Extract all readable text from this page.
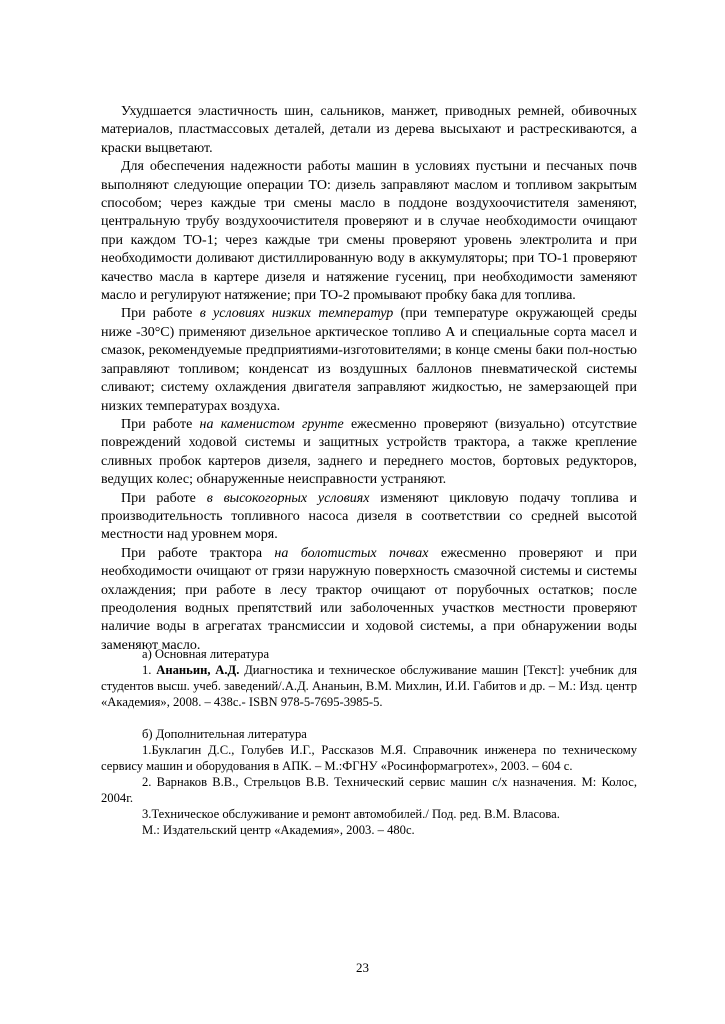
Ухудшается эластичность шин, сальников, манжет, приводных ремней, обивочных материалов, пластмассовых деталей, детали из дерева высыхают и растрескиваются, а краски выцветают.

Для обеспечения надежности работы машин в условиях пустыни и песчаных почв выполняют следующие операции ТО: дизель заправляют маслом и топливом закрытым способом; через каждые три смены масло в поддоне воздухоочистителя заменяют, центральную трубу воздухоочистителя проверяют и в случае необходимости очищают при каждом ТО-1; через каждые три смены проверяют уровень электролита и при необходимости доливают дистиллированную воду в аккумуляторы; при ТО-1 проверяют качество масла в картере дизеля и натяжение гусениц, при необходимости заменяют масло и регулируют натяжение; при ТО-2 промывают пробку бака для топлива.

При работе в условиях низких температур (при температуре окружающей среды ниже -30°С) применяют дизельное арктическое топливо А и специальные сорта масел и смазок, рекомендуемые предприятиями-изготовителями; в конце смены баки пол-ностью заправляют топливом; конденсат из воздушных баллонов пневматической системы сливают; систему охлаждения двигателя заправляют жидкостью, не замерзающей при низких температурах воздуха.

При работе на каменистом грунте ежесменно проверяют (визуально) отсутствие повреждений ходовой системы и защитных устройств трактора, а также крепление сливных пробок картеров дизеля, заднего и переднего мостов, бортовых редукторов, ведущих колес; обнаруженные неисправности устраняют.

При работе в высокогорных условиях изменяют цикловую подачу топлива и производительность топливного насоса дизеля в соответствии со средней высотой местности над уровнем моря.

При работе трактора на болотистых почвах ежесменно проверяют и при необходимости очищают от грязи наружную поверхность смазочной системы и системы охлаждения; при работе в лесу трактор очищают от порубочных остатков; после преодоления водных препятствий или заболоченных участков местности проверяют наличие воды в агрегатах трансмиссии и ходовой системы, а при обнаружении воды заменяют масло.

а) Основная литература

1. Ананьин, А.Д. Диагностика и техническое обслуживание машин [Текст]: учебник для студентов высш. учеб. заведений/.А.Д. Ананьин, В.М. Михлин, И.И. Габитов и др. – М.: Изд. центр «Академия», 2008. – 438с.- ISBN 978-5-7695-3985-5.

б) Дополнительная литература

1.Буклагин Д.С., Голубев И.Г., Рассказов М.Я. Справочник инженера по техническому сервису машин и оборудования в АПК. – М.:ФГНУ «Росинформагротех», 2003. – 604 с.

2. Варнаков В.В., Стрельцов В.В. Технический сервис машин с/х назначения. М: Колос, 2004г.

3.Техническое обслуживание и ремонт автомобилей./ Под. ред. В.М. Власова.

М.: Издательский центр «Академия», 2003. – 480с.

23
